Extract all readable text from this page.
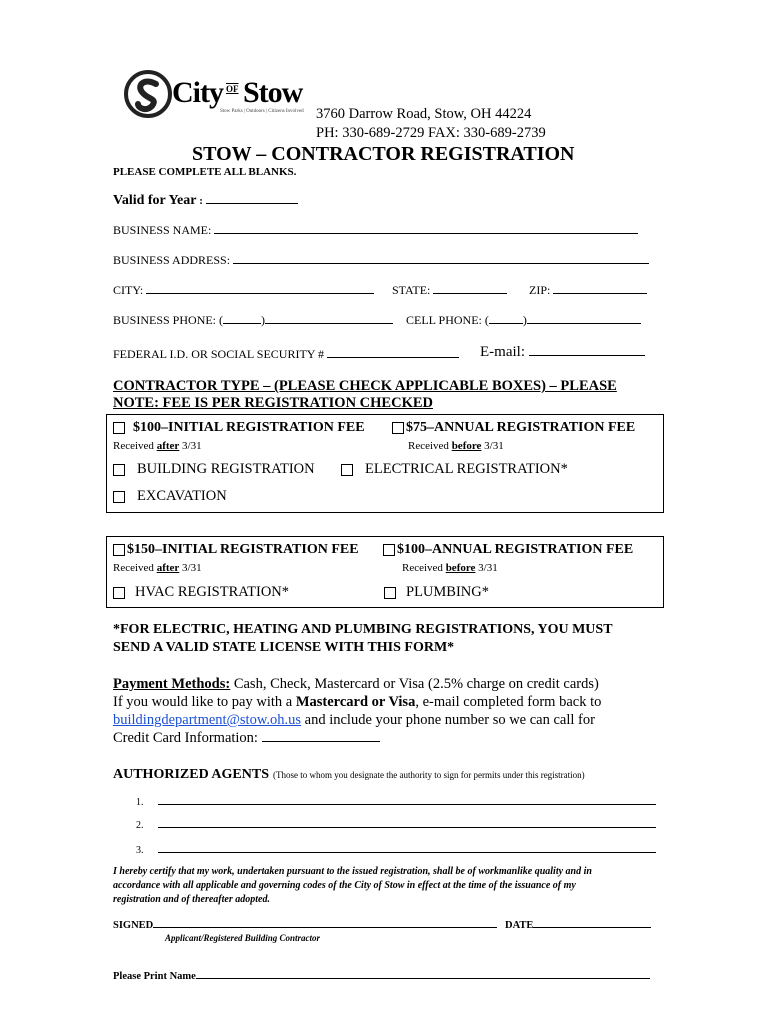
City OF Stow
Stow Parks | Outdoors | Citizens Involved 3760 Darrow Road, Stow, OH 44224
PH: 330-689-2729 FAX: 330-689-2739
STOW – CONTRACTOR REGISTRATION
PLEASE COMPLETE ALL BLANKS.
Valid for Year :
BUSINESS NAME:
BUSINESS ADDRESS:
CITY:	STATE:	ZIP:
BUSINESS PHONE: (	)	CELL PHONE: (	)
FEDERAL I.D. OR SOCIAL SECURITY #	E-mail:
CONTRACTOR TYPE – (PLEASE CHECK APPLICABLE BOXES) – PLEASE
NOTE: FEE IS PER REGISTRATION CHECKED
$100–INITIAL REGISTRATION FEE	$75–ANNUAL REGISTRATION FEE
Received after 3/31	Received before 3/31
BUILDING REGISTRATION	ELECTRICAL REGISTRATION*
EXCAVATION
$150–INITIAL REGISTRATION FEE	$100–ANNUAL REGISTRATION FEE
Received after 3/31	Received before 3/31
HVAC REGISTRATION*	PLUMBING*
*FOR ELECTRIC, HEATING AND PLUMBING REGISTRATIONS, YOU MUST
SEND A VALID STATE LICENSE WITH THIS FORM*
Payment Methods: Cash, Check, Mastercard or Visa (2.5% charge on credit cards)
If you would like to pay with a Mastercard or Visa, e-mail completed form back to
buildingdepartment@stow.oh.us and include your phone number so we can call for
Credit Card Information:
AUTHORIZED AGENTS (Those to whom you designate the authority to sign for permits under this registration)
1.
2.
3.
I hereby certify that my work, undertaken pursuant to the issued registration, shall be of workmanlike quality and in
accordance with all applicable and governing codes of the City of Stow in effect at the time of the issuance of my
registration and of thereafter adopted.
SIGNED	DATE
Applicant/Registered Building Contractor
Please Print Name
